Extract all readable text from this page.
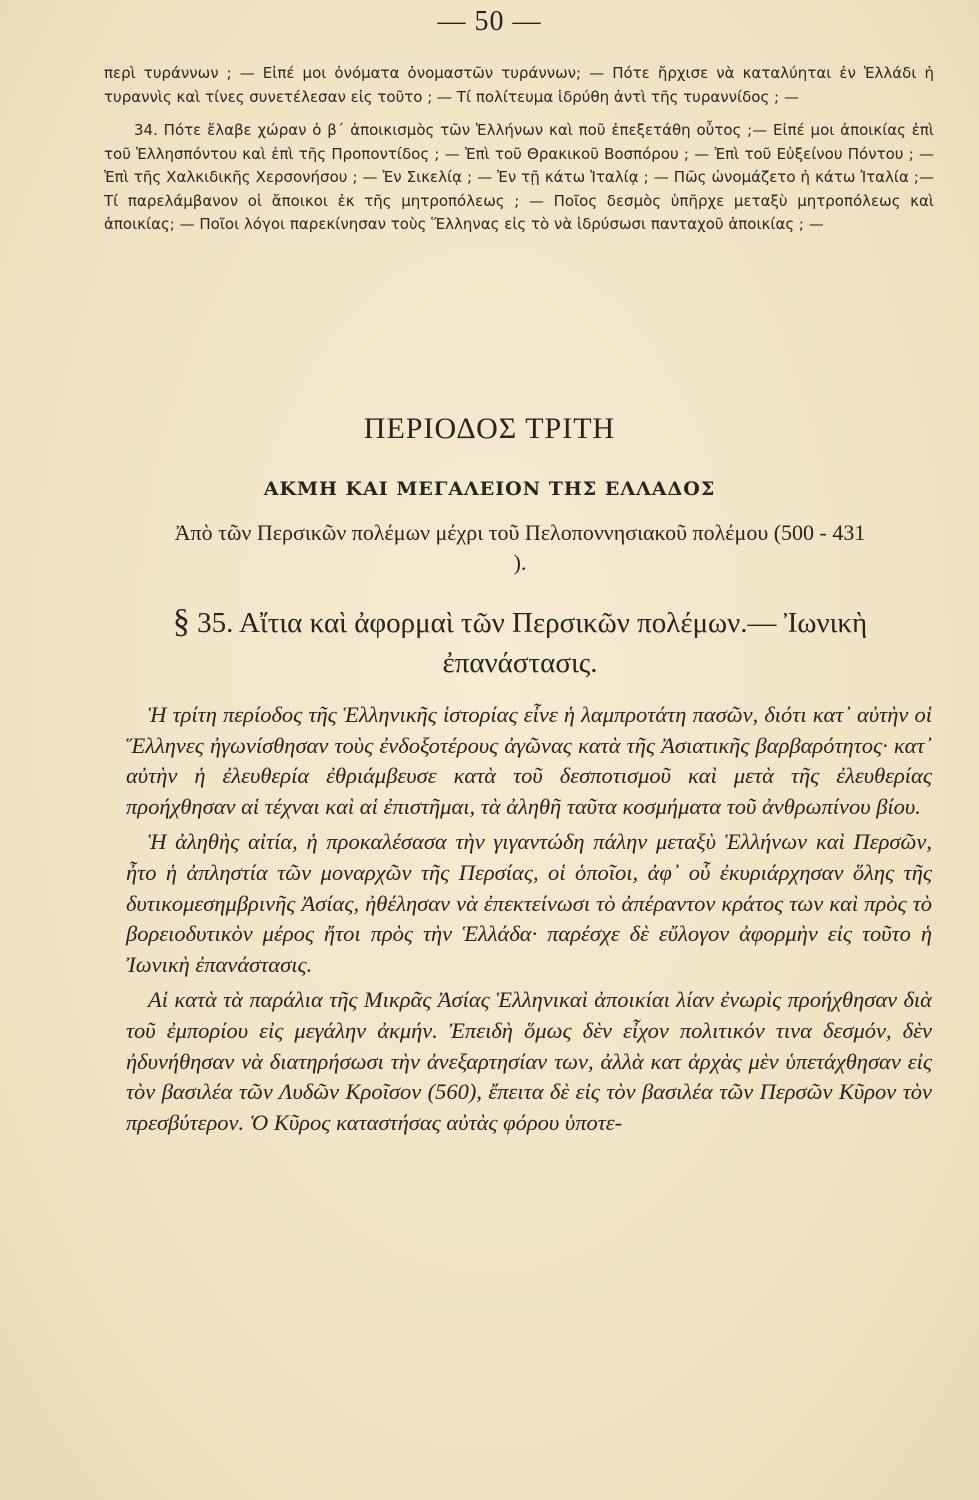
— 50 —

περὶ τυράννων ; — Εἰπέ μοι ὀνόματα ὀνομαστῶν τυράννων; — Πότε ἤρχισε νὰ καταλύηται ἐν Ἑλλάδι ἡ τυραννὶς καὶ τίνες συνετέλεσαν εἰς τοῦτο ; — Τί πολίτευμα ἱδρύθη ἀντὶ τῆς τυραννίδος ; —

34. Πότε ἔλαβε χώραν ὁ β΄ ἀποικισμὸς τῶν Ἑλλήνων καὶ ποῦ ἐπεξετάθη οὗτος ;— Εἰπέ μοι ἀποικίας ἐπὶ τοῦ Ἑλλησπόντου καὶ ἐπὶ τῆς Προποντίδος ; — Ἐπὶ τοῦ Θρακικοῦ Βοσπόρου ; — Ἐπὶ τοῦ Εὐξείνου Πόντου ; — Ἐπὶ τῆς Χαλκιδικῆς Χερσονήσου ; — Ἐν Σικελίᾳ ; — Ἐν τῇ κάτω Ἰταλίᾳ ; — Πῶς ὠνομάζετο ἡ κάτω Ἰταλία ;— Τί παρελάμβανον οἱ ἄποικοι ἐκ τῆς μητροπόλεως ; — Ποῖος δεσμὸς ὑπῆρχε μεταξὺ μητροπόλεως καὶ ἀποικίας; — Ποῖοι λόγοι παρεκίνησαν τοὺς Ἕλληνας εἰς τὸ νὰ ἱδρύσωσι πανταχοῦ ἀποικίας ; —

ΠΕΡΙΟΔΟΣ ΤΡΙΤΗ
ΑΚΜΗ ΚΑΙ ΜΕΓΑΛΕΙΟΝ ΤΗΣ ΕΛΛΑΔΟΣ
Ἀπὸ τῶν Περσικῶν πολέμων μέχρι τοῦ Πελοποννησιακοῦ πολέμου (500 - 431 ).
§ 35. Αἴτια καὶ ἀφορμαὶ τῶν Περσικῶν πολέμων.— Ἰωνικὴ ἐπανάστασις.

Ἡ τρίτη περίοδος τῆς Ἑλληνικῆς ἱστορίας εἶνε ἡ λαμπροτάτη πασῶν, διότι κατ᾽ αὐτὴν οἱ Ἕλληνες ἠγωνίσθησαν τοὺς ἐνδοξοτέρους ἀγῶνας κατὰ τῆς Ἀσιατικῆς βαρβαρότητος· κατ᾽ αὐτὴν ἡ ἐλευθερία ἐθριάμβευσε κατὰ τοῦ δεσποτισμοῦ καὶ μετὰ τῆς ἐλευθερίας προήχθησαν αἱ τέχναι καὶ αἱ ἐπιστῆμαι, τὰ ἀληθῆ ταῦτα κοσμήματα τοῦ ἀνθρωπίνου βίου.

Ἡ ἀληθὴς αἰτία, ἡ προκαλέσασα τὴν γιγαντώδη πάλην μεταξὺ Ἑλλήνων καὶ Περσῶν, ἦτο ἡ ἀπληστία τῶν μοναρχῶν τῆς Περσίας, οἱ ὁποῖοι, ἀφ᾽ οὗ ἐκυριάρχησαν ὅλης τῆς δυτικομεσημβρινῆς Ἀσίας, ἠθέλησαν νὰ ἐπεκτείνωσι τὸ ἀπέραντον κράτος των καὶ πρὸς τὸ βορειοδυτικὸν μέρος ἤτοι πρὸς τὴν Ἑλλάδα· παρέσχε δὲ εὔλογον ἀφορμὴν εἰς τοῦτο ἡ Ἰωνικὴ ἐπανάστασις.

Αἱ κατὰ τὰ παράλια τῆς Μικρᾶς Ἀσίας Ἑλληνικαὶ ἀποικίαι λίαν ἐνωρὶς προήχθησαν διὰ τοῦ ἐμπορίου εἰς μεγάλην ἀκμήν. Ἐπειδὴ ὅμως δὲν εἶχον πολιτικόν τινα δεσμόν, δὲν ἠδυνήθησαν νὰ διατηρήσωσι τὴν ἀνεξαρτησίαν των, ἀλλὰ κατ ἀρχὰς μὲν ὑπετάχθησαν εἰς τὸν βασιλέα τῶν Λυδῶν Κροῖσον (560), ἔπειτα δὲ εἰς τὸν βασιλέα τῶν Περσῶν Κῦρον τὸν πρεσβύτερον. Ὁ Κῦρος καταστήσας αὐτὰς φόρου ὑποτε-
